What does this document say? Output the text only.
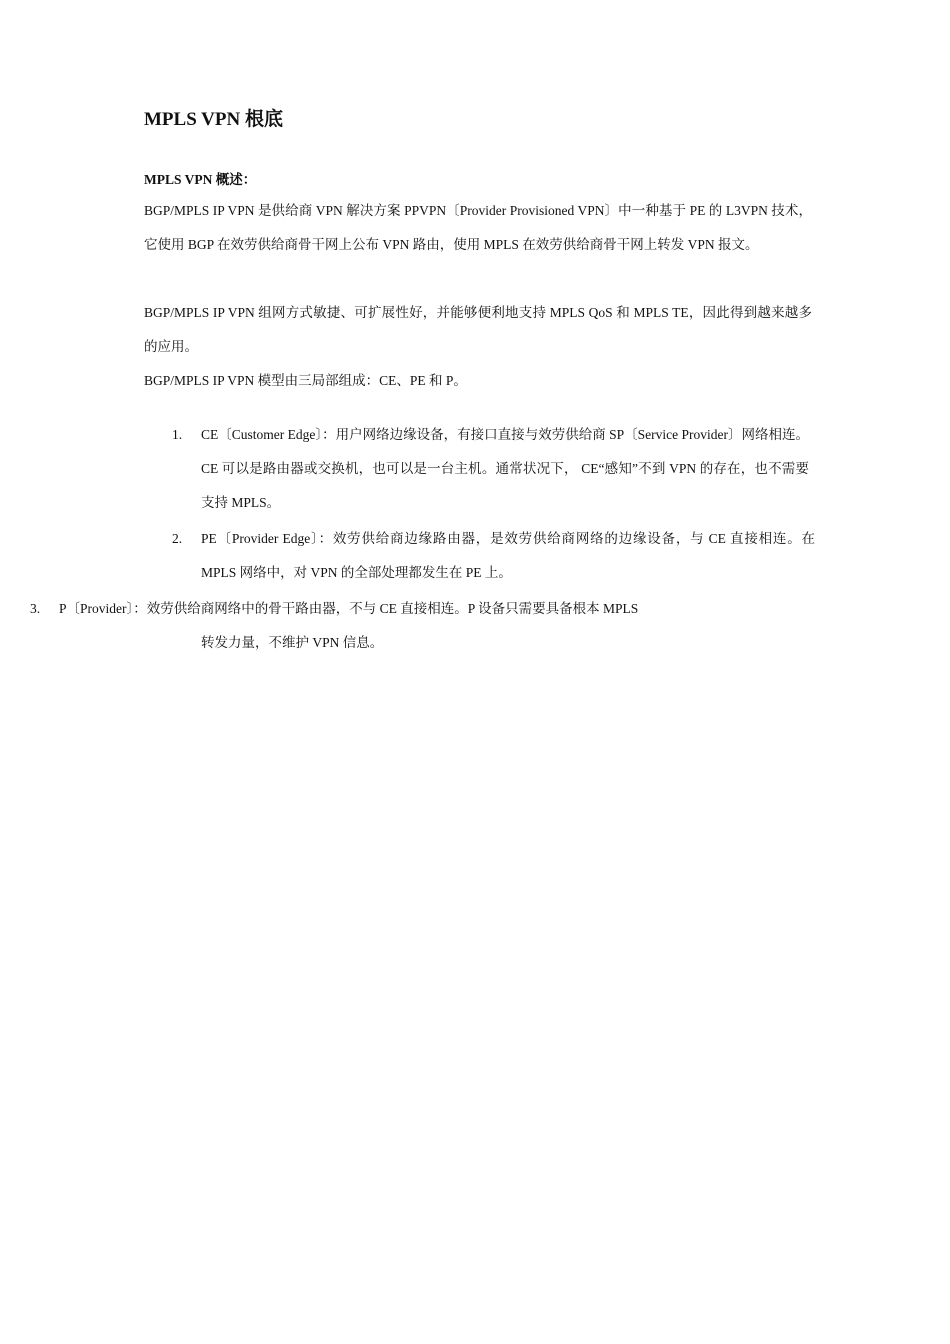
MPLS VPN 根底

MPLS VPN 概述：

BGP/MPLS IP VPN 是供给商 VPN 解决方案 PPVPN〔Provider Provisioned VPN〕中一种基于 PE 的 L3VPN 技术，它使用 BGP 在效劳供给商骨干网上公布 VPN 路由，使用 MPLS 在效劳供给商骨干网上转发 VPN 报文。

BGP/MPLS IP VPN 组网方式敏捷、可扩展性好，并能够便利地支持 MPLS QoS 和 MPLS TE，因此得到越来越多的应用。

BGP/MPLS IP VPN 模型由三局部组成：CE、PE 和 P。

1. CE〔Customer Edge〕：用户网络边缘设备，有接口直接与效劳供给商 SP〔Service Provider〕网络相连。CE 可以是路由器或交换机，也可以是一台主机。通常状况下， CE“感知”不到 VPN 的存在，也不需要支持 MPLS。

2. PE〔Provider Edge〕：效劳供给商边缘路由器，是效劳供给商网络的边缘设备，与 CE 直接相连。在 MPLS 网络中，对 VPN 的全部处理都发生在 PE 上。

3. P〔Provider〕：效劳供给商网络中的骨干路由器，不与 CE 直接相连。P 设备只需要具备根本 MPLS
转发力量，不维护 VPN 信息。
